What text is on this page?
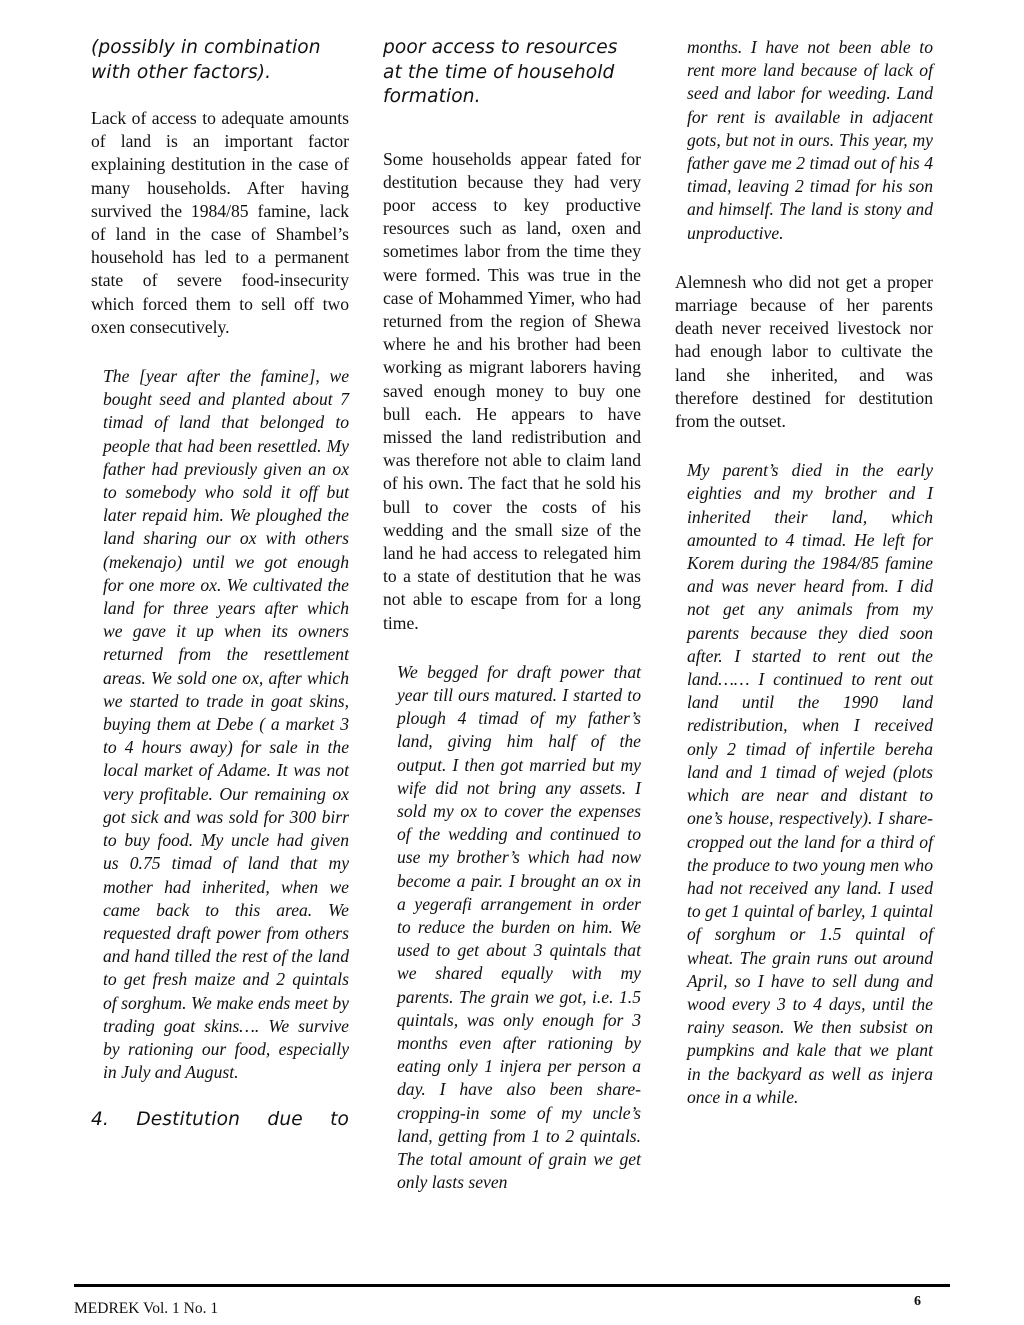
(possibly in combination with other factors).

Lack of access to adequate amounts of land is an important factor explaining destitution in the case of many households. After having survived the 1984/85 famine, lack of land in the case of Shambel’s household has led to a permanent state of severe food-insecurity which forced them to sell off two oxen consecutively.

The [year after the famine], we bought seed and planted about 7 timad of land that belonged to people that had been resettled. My father had previously given an ox to somebody who sold it off but later repaid him. We ploughed the land sharing our ox with others (mekenajo) until we got enough for one more ox. We cultivated the land for three years after which we gave it up when its owners returned from the resettlement areas. We sold one ox, after which we started to trade in goat skins, buying them at Debe ( a market 3 to 4 hours away) for sale in the local market of Adame. It was not very profitable. Our remaining ox got sick and was sold for 300 birr to buy food. My uncle had given us 0.75 timad of land that my mother had inherited, when we came back to this area. We requested draft power from others and hand tilled the rest of the land to get fresh maize and 2 quintals of sorghum. We make ends meet by trading goat skins…. We survive by rationing our food, especially in July and August.

4. Destitution due to

poor access to resources at the time of household formation.

Some households appear fated for destitution because they had very poor access to key productive resources such as land, oxen and sometimes labor from the time they were formed. This was true in the case of Mohammed Yimer, who had returned from the region of Shewa where he and his brother had been working as migrant laborers having saved enough money to buy one bull each. He appears to have missed the land redistribution and was therefore not able to claim land of his own. The fact that he sold his bull to cover the costs of his wedding and the small size of the land he had access to relegated him to a state of destitution that he was not able to escape from for a long time.

We begged for draft power that year till ours matured. I started to plough 4 timad of my father’s land, giving him half of the output. I then got married but my wife did not bring any assets. I sold my ox to cover the expenses of the wedding and continued to use my brother’s which had now become a pair. I brought an ox in a yegerafi arrangement in order to reduce the burden on him. We used to get about 3 quintals that we shared equally with my parents. The grain we got, i.e. 1.5 quintals, was only enough for 3 months even after rationing by eating only 1 injera per person a day. I have also been sharecropping-in some of my uncle’s land, getting from 1 to 2 quintals. The total amount of grain we get only lasts seven

months. I have not been able to rent more land because of lack of seed and labor for weeding. Land for rent is available in adjacent gots, but not in ours. This year, my father gave me 2 timad out of his 4 timad, leaving 2 timad for his son and himself. The land is stony and unproductive.

Alemnesh who did not get a proper marriage because of her parents death never received livestock nor had enough labor to cultivate the land she inherited, and was therefore destined for destitution from the outset.

My parent’s died in the early eighties and my brother and I inherited their land, which amounted to 4 timad. He left for Korem during the 1984/85 famine and was never heard from. I did not get any animals from my parents because they died soon after. I started to rent out the land…… I continued to rent out land until the 1990 land redistribution, when I received only 2 timad of infertile bereha land and 1 timad of wejed (plots which are near and distant to one’s house, respectively). I sharecropped out the land for a third of the produce to two young men who had not received any land. I used to get 1 quintal of barley, 1 quintal of sorghum or 1.5 quintal of wheat. The grain runs out around April, so I have to sell dung and wood every 3 to 4 days, until the rainy season. We then subsist on pumpkins and kale that we plant in the backyard as well as injera once in a while.

MEDREK Vol. 1 No. 1	6
